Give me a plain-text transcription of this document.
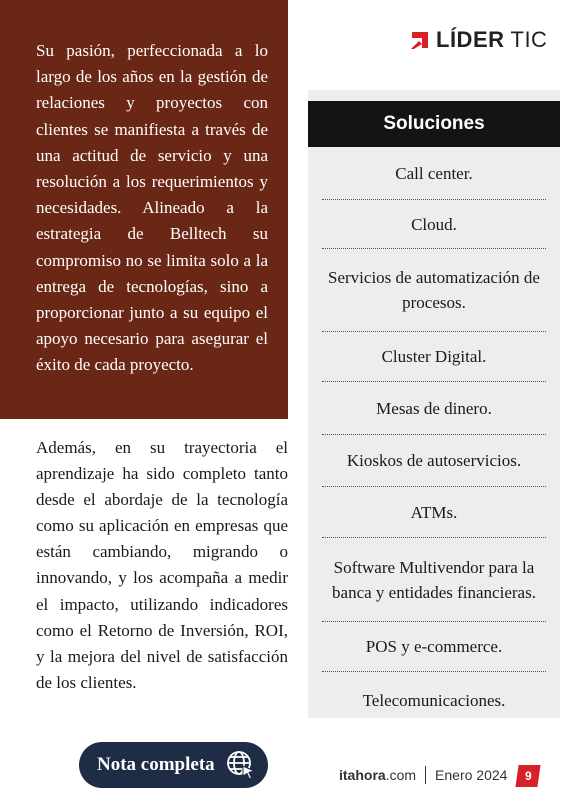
Su pasión, perfeccionada a lo largo de los años en la gestión de relaciones y proyectos con clientes se manifiesta a través de una actitud de servicio y una resolución a los requerimientos y necesidades. Alineado a la estrategia de Belltech su compromiso no se limita solo a la entrega de tecnologías, sino a proporcionar junto a su equipo el apoyo necesario para asegurar el éxito de cada proyecto.

Además, en su trayectoria el aprendizaje ha sido completo tanto desde el abordaje de la tecnología como su aplicación en empresas que están cambiando, migrando o innovando, y los acompaña a medir el impacto, utilizando indicadores como el Retorno de Inversión, ROI, y la mejora del nivel de satisfacción de los clientes.

LÍDER TIC
Soluciones
Call center.
Cloud.
Servicios de automatización de procesos.
Cluster Digital.
Mesas de dinero.
Kioskos de autoservicios.
ATMs.
Software Multivendor para la banca y entidades financieras.
POS y e-commerce.
Telecomunicaciones.
Nota completa	itahora.com Enero 2024 9
